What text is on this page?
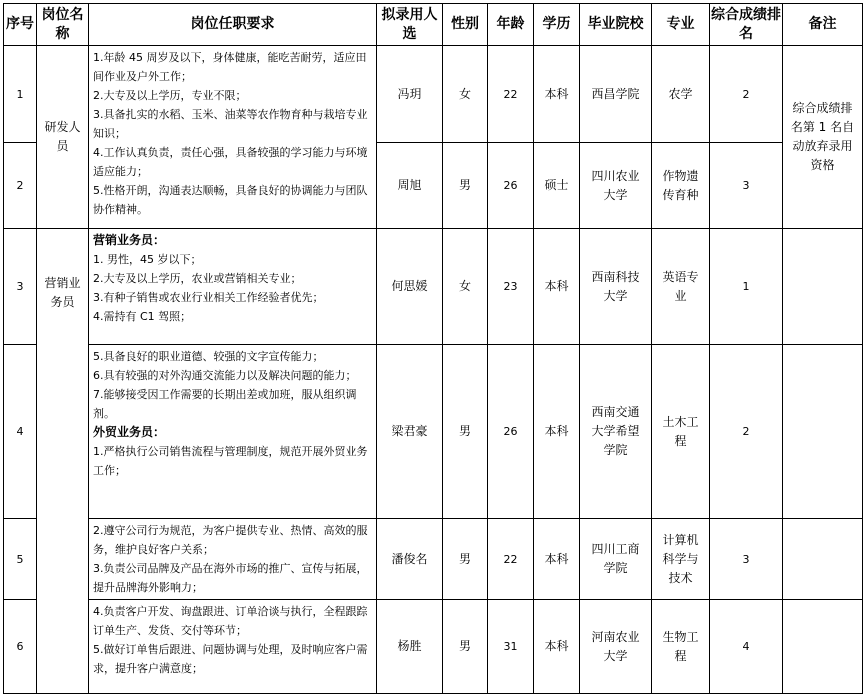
序号	岗位名称	岗位任职要求	拟录用人选	性别	年龄	学历	毕业院校	专业	综合成绩排名	备注
1	研发人员	1.年龄 45 周岁及以下，身体健康，能吃苦耐劳，适应田间作业及户外工作；
2.大专及以上学历，专业不限；
3.具备扎实的水稻、玉米、油菜等农作物育种与栽培专业知识；
4.工作认真负责，责任心强，具备较强的学习能力与环境适应能力；
5.性格开朗，沟通表达顺畅，具备良好的协调能力与团队协作精神。	冯玥	女	22	本科	西昌学院	农学	2	综合成绩排名第 1 名自动放弃录用资格
2			周旭	男	26	硕士	四川农业大学	作物遗传育种	3	
3	营销业务员	营销业务员：
1. 男性，45 岁以下；
2.大专及以上学历，农业或营销相关专业；
3.有种子销售或农业行业相关工作经验者优先；
4.需持有 C1 驾照；	何思媛	女	23	本科	西南科技大学	英语专业	1	
4		5.具备良好的职业道德、较强的文字宣传能力；
6.具有较强的对外沟通交流能力以及解决问题的能力；
7.能够接受因工作需要的长期出差或加班，服从组织调剂。
外贸业务员：
1.严格执行公司销售流程与管理制度，规范开展外贸业务工作；	梁君豪	男	26	本科	西南交通大学希望学院	土木工程	2	
5		2.遵守公司行为规范，为客户提供专业、热情、高效的服务，维护良好客户关系；
3.负责公司品牌及产品在海外市场的推广、宣传与拓展，提升品牌海外影响力；	潘俊名	男	22	本科	四川工商学院	计算机科学与技术	3	
6		4.负责客户开发、询盘跟进、订单洽谈与执行，全程跟踪订单生产、发货、交付等环节；
5.做好订单售后跟进、问题协调与处理，及时响应客户需求，提升客户满意度；	杨胜	男	31	本科	河南农业大学	生物工程	4	
